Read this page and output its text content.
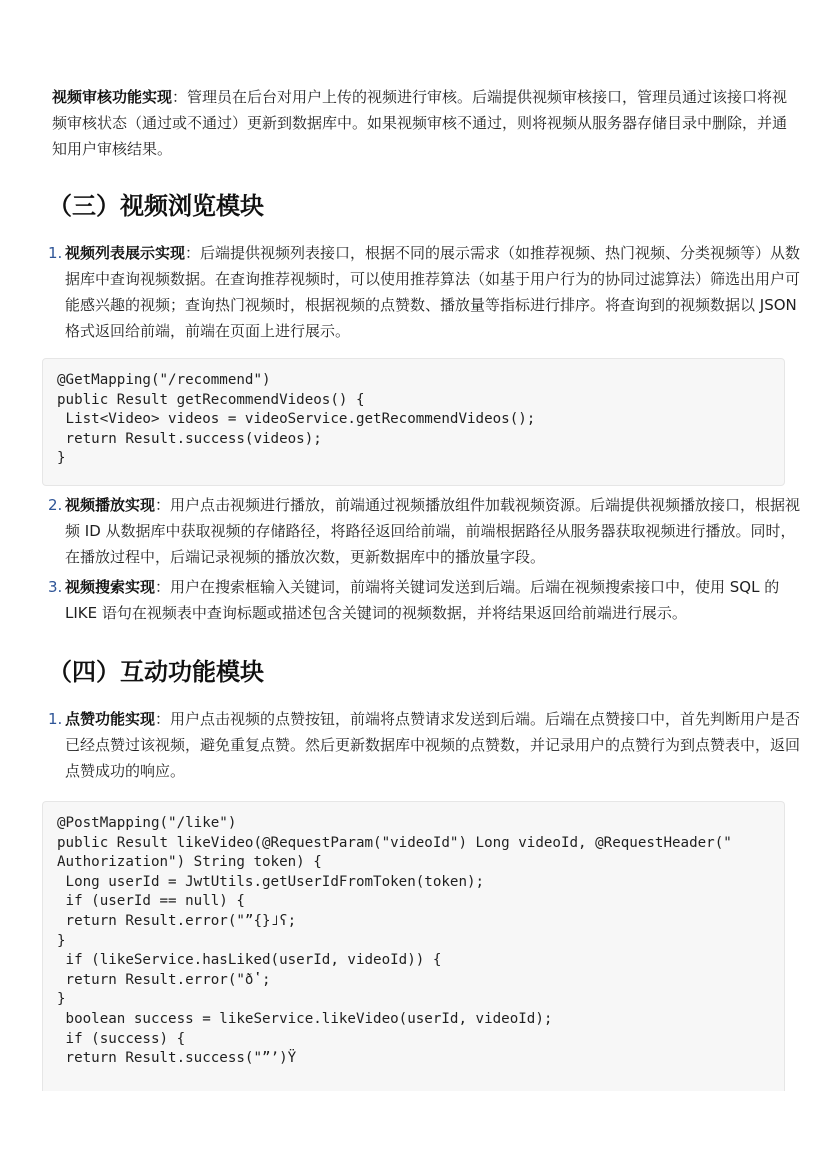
视频审核功能实现：管理员在后台对用户上传的视频进行审核。后端提供视频审核接口，管理员通过该接口将视频审核状态（通过或不通过）更新到数据库中。如果视频审核不通过，则将视频从服务器存储目录中删除，并通知用户审核结果。

（三）视频浏览模块
1. 视频列表展示实现：后端提供视频列表接口，根据不同的展示需求（如推荐视频、热门视频、分类视频等）从数据库中查询视频数据。在查询推荐视频时，可以使用推荐算法（如基于用户行为的协同过滤算法）筛选出用户可能感兴趣的视频；查询热门视频时，根据视频的点赞数、播放量等指标进行排序。将查询到的视频数据以 JSON 格式返回给前端，前端在页面上进行展示。
@GetMapping("/recommend")
public Result getRecommendVideos() {
List<Video> videos = videoService.getRecommendVideos();
return Result.success(videos);
}
2. 视频播放实现：用户点击视频进行播放，前端通过视频播放组件加载视频资源。后端提供视频播放接口，根据视频 ID 从数据库中获取视频的存储路径，将路径返回给前端，前端根据路径从服务器获取视频进行播放。同时，在播放过程中，后端记录视频的播放次数，更新数据库中的播放量字段。
3. 视频搜索实现：用户在搜索框输入关键词，前端将关键词发送到后端。后端在视频搜索接口中，使用 SQL 的 LIKE 语句在视频表中查询标题或描述包含关键词的视频数据，并将结果返回给前端进行展示。
（四）互动功能模块
1. 点赞功能实现：用户点击视频的点赞按钮，前端将点赞请求发送到后端。后端在点赞接口中，首先判断用户是否已经点赞过该视频，避免重复点赞。然后更新数据库中视频的点赞数，并记录用户的点赞行为到点赞表中，返回点赞成功的响应。
@PostMapping("/like")
public Result likeVideo(@RequestParam("videoId") Long videoId, @RequestHeader("
Authorization") String token) {
Long userId = JwtUtils.getUserIdFromToken(token);
if (userId == null) {
return Result.error("”{}˩ʕ;
}
if (likeService.hasLiked(userId, videoId)) {
return Result.error("ðʽ;
}
boolean success = likeService.likeVideo(userId, videoId);
if (success) {
return Result.success("”ʼ)Ÿ
